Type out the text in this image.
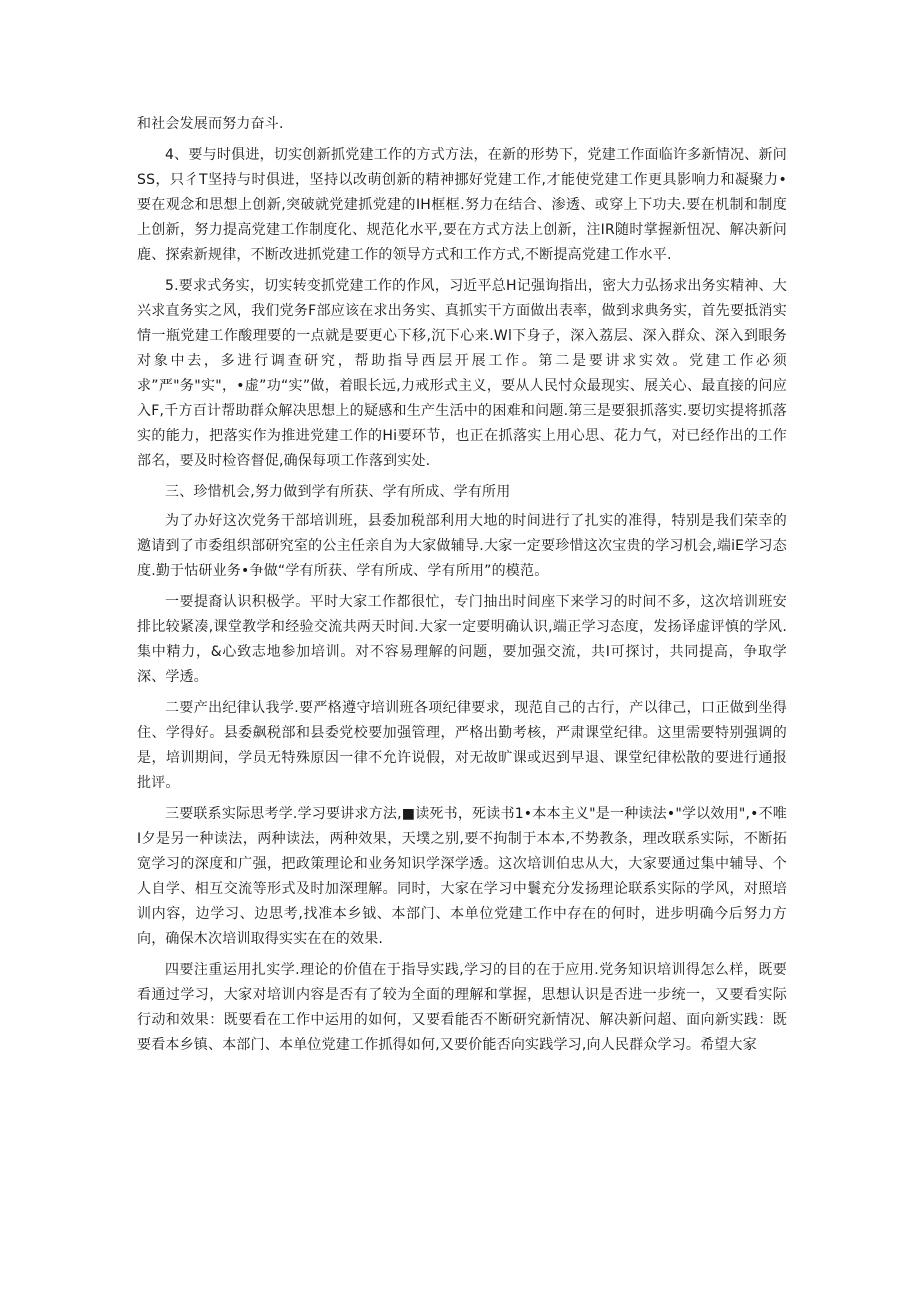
和社会发展而努力奋斗.

4、要与时俱进，切实创新抓党建工作的方式方法，在新的形势下，党建工作面临许多新情况、新问SS，只彳T坚持与时俱进，坚持以改萌创新的精神挪好党建工作,才能使党建工作更具影响力和凝聚力•要在观念和思想上创新,突破就党建抓党建的IH框框.努力在结合、渗透、或穿上下功夫.要在机制和制度上创新，努力提高党建工作制度化、规范化水平,要在方式方法上创新，注IR随时掌握新忸况、解决新问鹿、探索新规律，不断改进抓党建工作的领导方式和工作方式,不断提高党建工作水平.

5.要求式务实，切实转变抓党建工作的作风，习近平总H记强询指出，密大力弘扬求出务实精神、大兴求直务实之风，我们党务F部应该在求出务实、真抓实干方面做出表率，做到求典务实，首先要抵消实情一瓶党建工作酸理要的一点就是要更心下移,沉下心来.Wl下身子，深入荔层、深入群众、深入到眼务对象中去，多进行调查研究，帮助指导西层开展工作。第二是要讲求实效。党建工作必须求”严"务"实"，•虚”功“实”做，着眼长远,力戒形式主义，要从人民忖众最现实、展关心、最直接的问应入F,千方百计帮助群众解决思想上的疑感和生产生活中的困难和问题.第三是要狠抓落实.要切实提将抓落实的能力，把落实作为推进党建工作的Hi要环节，也正在抓落实上用心思、花力气，对已经作出的工作部名，要及时检咨督促,确保每项工作落到实处.

三、珍惜机会,努力做到学有所获、学有所成、学有所用

为了办好这次党务干部培训班，县委加税部利用大地的时间进行了扎实的准得，特别是我们荣幸的邀请到了市委组织部研究室的公主任亲自为大家做辅导.大家一定要珍惜这次宝贵的学习机会,端iE学习态度.勤于怙研业务•争做“学有所获、学有所成、学有所用”的模范。

一要提裔认识积极学。平时大家工作都很忙，专门抽出时间座下来学习的时间不多，这次培训班安排比较紧凑,课堂教学和经验交流共两天时间.大家一定要明确认识,端正学习态度，发扬译虚评慎的学风.集中精力，&心致志地参加培训。对不容易理解的问题，要加强交流，共I可探讨，共同提高，争取学深、学透。

二要产出纪律认我学.要严格遵守培训班各项纪律要求，现范自己的古行，产以律己，口正做到坐得住、学得好。县委飙税部和县委党校要加强管理，严格出勤考核，严肃课堂纪律。这里需要特别强调的是，培训期间，学员无特殊原因一律不允许说假，对无故旷课或迟到早退、课堂纪律松散的要进行通报批评。

三要联系实际思考学.学习要讲求方法,■读死书，死读书1•本本主义"是一种读法•"学以效用",•不唯I夕是另一种读法，两种读法，两种效果，天墣之别,要不拘制于本本,不势教条，理改联系实际，不断拓宽学习的深度和广强，把政策理论和业务知识学深学透。这次培训伯忠从大，大家要通过集中辅导、个人自学、相互交流等形式及时加深理解。同时，大家在学习中鬟充分发扬理论联系实际的学风，对照培训内容，边学习、边思考,找准本乡钺、本部门、本单位党建工作中存在的何时，进步明确今后努力方向，确保木次培训取得实实在在的效果.

四要注重运用扎实学.理论的价值在于指导实践,学习的目的在于应用.党务知识培训得怎么样，既要看通过学习，大家对培训内容是否有了较为全面的理解和掌握，思想认识是否进一步统一，又要看实际行动和效果：既要看在工作中运用的如何，又要看能否不断研究新情况、解决新问超、面向新实践：既要看本乡镇、本部门、本单位党建工作抓得如何,又要价能否向实践学习,向人民群众学习。希望大家
